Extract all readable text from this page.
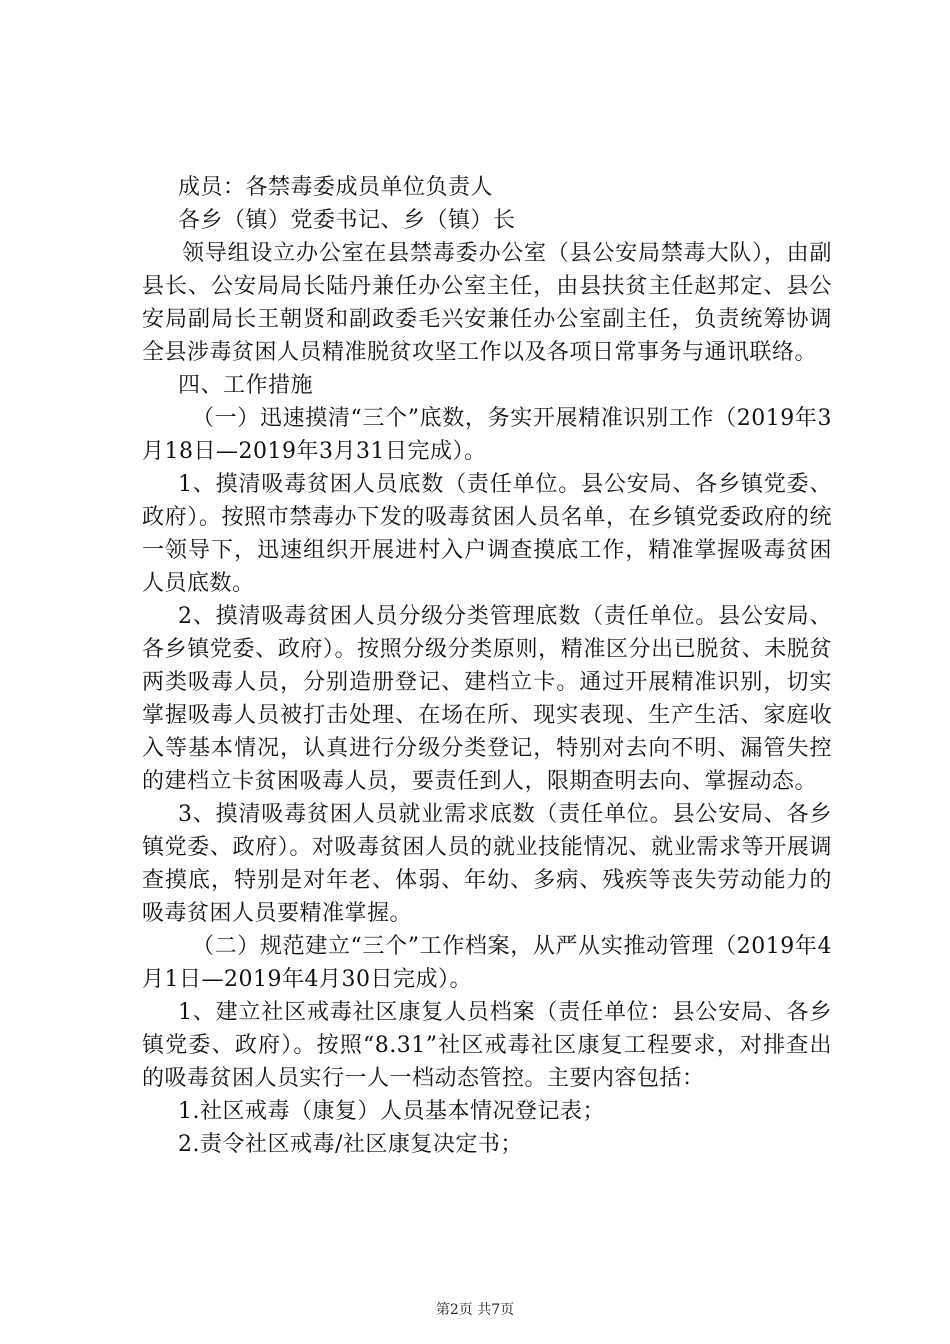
成员：各禁毒委成员单位负责人

各乡（镇）党委书记、乡（镇）长

领导组设立办公室在县禁毒委办公室（县公安局禁毒大队），由副县长、公安局局长陆丹兼任办公室主任，由县扶贫主任赵邦定、县公安局副局长王朝贤和副政委毛兴安兼任办公室副主任，负责统筹协调全县涉毒贫困人员精准脱贫攻坚工作以及各项日常事务与通讯联络。

四、工作措施

（一）迅速摸清“三个”底数，务实开展精准识别工作（2019年3月18日—2019年3月31日完成）。

1、摸清吸毒贫困人员底数（责任单位。县公安局、各乡镇党委、政府）。按照市禁毒办下发的吸毒贫困人员名单，在乡镇党委政府的统一领导下，迅速组织开展进村入户调查摸底工作，精准掌握吸毒贫困人员底数。

2、摸清吸毒贫困人员分级分类管理底数（责任单位。县公安局、各乡镇党委、政府）。按照分级分类原则，精准区分出已脱贫、未脱贫两类吸毒人员，分别造册登记、建档立卡。通过开展精准识别，切实掌握吸毒人员被打击处理、在场在所、现实表现、生产生活、家庭收入等基本情况，认真进行分级分类登记，特别对去向不明、漏管失控的建档立卡贫困吸毒人员，要责任到人，限期查明去向、掌握动态。

3、摸清吸毒贫困人员就业需求底数（责任单位。县公安局、各乡镇党委、政府）。对吸毒贫困人员的就业技能情况、就业需求等开展调查摸底，特别是对年老、体弱、年幼、多病、残疾等丧失劳动能力的吸毒贫困人员要精准掌握。

（二）规范建立“三个”工作档案，从严从实推动管理（2019年4月1日—2019年4月30日完成）。

1、建立社区戒毒社区康复人员档案（责任单位：县公安局、各乡镇党委、政府）。按照“8.31”社区戒毒社区康复工程要求，对排查出的吸毒贫困人员实行一人一档动态管控。主要内容包括：

1.社区戒毒（康复）人员基本情况登记表；

2.责令社区戒毒/社区康复决定书；

第2页 共7页
